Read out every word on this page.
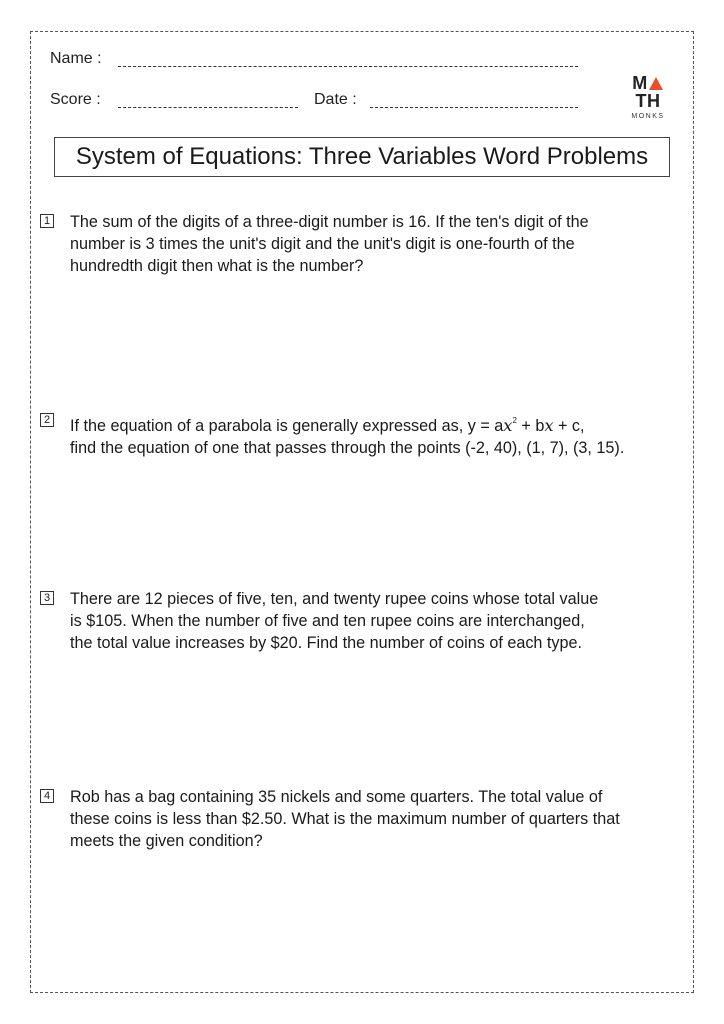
Name :
Score :	Date :
MTH
MONKS
System of Equations: Three Variables Word Problems
1 The sum of the digits of a three-digit number is 16. If the ten's digit of the
number is 3 times the unit's digit and the unit's digit is one-fourth of the
hundredth digit then what is the number?
2 If the equation of a parabola is generally expressed as, $y = ax^2$ + bx + c,
find the equation of one that passes through the points (-2, 40), (1, 7), (3, 15).
3 There are 12 pieces of five, ten, and twenty rupee coins whose total value
is $105. When the number of five and ten rupee coins are interchanged,
the total value increases by $20. Find the number of coins of each type.
4 Rob has a bag containing 35 nickels and some quarters. The total value of
these coins is less than $2.50. What is the maximum number of quarters that
meets the given condition?
